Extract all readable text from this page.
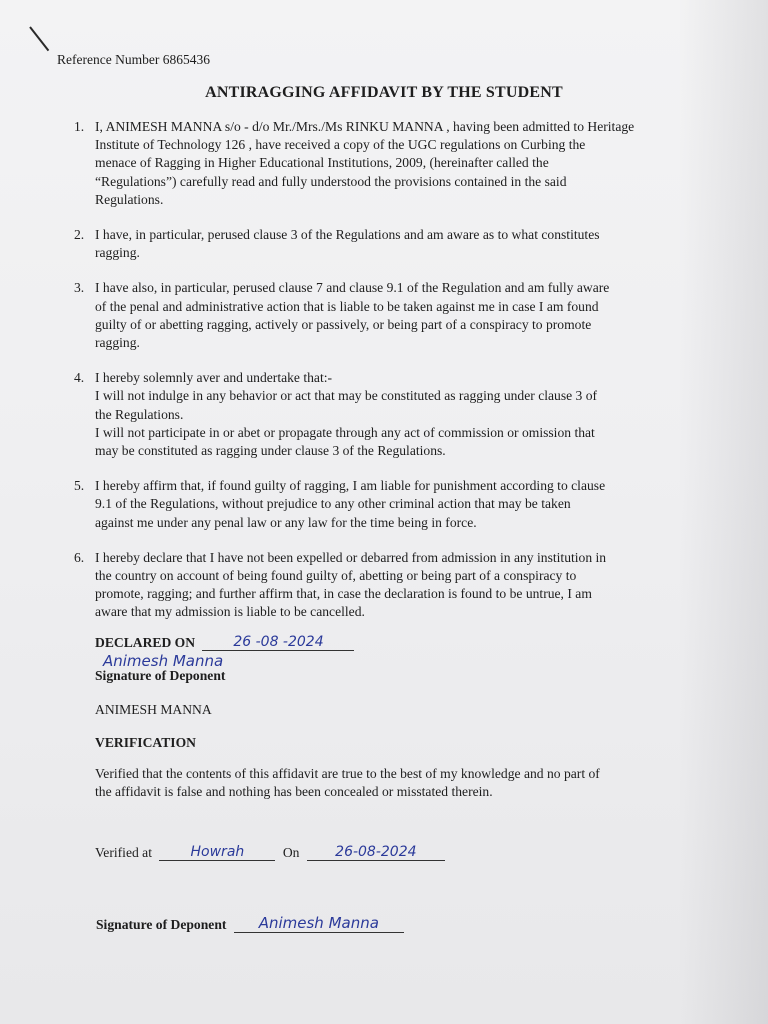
Reference Number 6865436
ANTIRAGGING AFFIDAVIT BY THE STUDENT
1. I, ANIMESH MANNA s/o - d/o Mr./Mrs./Ms RINKU MANNA , having been admitted to Heritage
Institute of Technology 126 , have received a copy of the UGC regulations on Curbing the
menace of Ragging in Higher Educational Institutions, 2009, (hereinafter called the
“Regulations”) carefully read and fully understood the provisions contained in the said
Regulations.
2. I have, in particular, perused clause 3 of the Regulations and am aware as to what constitutes
ragging.
3. I have also, in particular, perused clause 7 and clause 9.1 of the Regulation and am fully aware
of the penal and administrative action that is liable to be taken against me in case I am found
guilty of or abetting ragging, actively or passively, or being part of a conspiracy to promote
ragging.
4. I hereby solemnly aver and undertake that:-
I will not indulge in any behavior or act that may be constituted as ragging under clause 3 of
the Regulations.
I will not participate in or abet or propagate through any act of commission or omission that
may be constituted as ragging under clause 3 of the Regulations.
5. I hereby affirm that, if found guilty of ragging, I am liable for punishment according to clause
9.1 of the Regulations, without prejudice to any other criminal action that may be taken
against me under any penal law or any law for the time being in force.
6. I hereby declare that I have not been expelled or debarred from admission in any institution in
the country on account of being found guilty of, abetting or being part of a conspiracy to
promote, ragging; and further affirm that, in case the declaration is found to be untrue, I am
aware that my admission is liable to be cancelled.
DECLARED ON	26 -08 -2024
Animesh Manna
Signature of Deponent
ANIMESH MANNA
VERIFICATION
Verified that the contents of this affidavit are true to the best of my knowledge and no part of
the affidavit is false and nothing has been concealed or misstated therein.
Verified at	Howrah	On	26-08-2024
Signature of Deponent Animesh Manna
